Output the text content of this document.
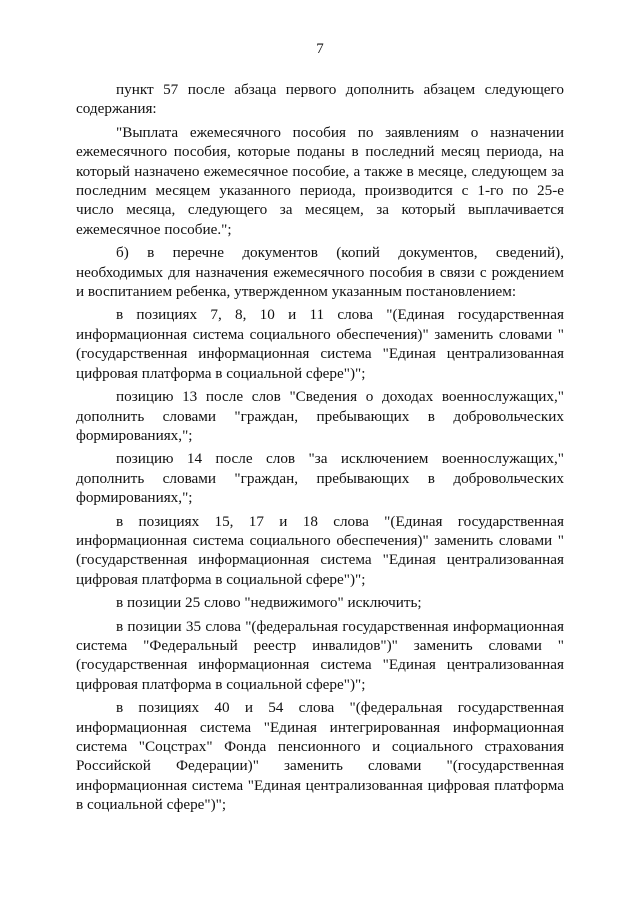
7

пункт 57 после абзаца первого дополнить абзацем следующего содержания:

"Выплата ежемесячного пособия по заявлениям о назначении ежемесячного пособия, которые поданы в последний месяц периода, на который назначено ежемесячное пособие, а также в месяце, следующем за последним месяцем указанного периода, производится с 1-го по 25-е число месяца, следующего за месяцем, за который выплачивается ежемесячное пособие.";

б) в перечне документов (копий документов, сведений), необходимых для назначения ежемесячного пособия в связи с рождением и воспитанием ребенка, утвержденном указанным постановлением:

в позициях 7, 8, 10 и 11 слова "(Единая государственная информационная система социального обеспечения)" заменить словами "(государственная информационная система "Единая централизованная цифровая платформа в социальной сфере")";

позицию 13 после слов "Сведения о доходах военнослужащих," дополнить словами "граждан, пребывающих в добровольческих формированиях,";

позицию 14 после слов "за исключением военнослужащих," дополнить словами "граждан, пребывающих в добровольческих формированиях,";

в позициях 15, 17 и 18 слова "(Единая государственная информационная система социального обеспечения)" заменить словами "(государственная информационная система "Единая централизованная цифровая платформа в социальной сфере")";

в позиции 25 слово "недвижимого" исключить;

в позиции 35 слова "(федеральная государственная информационная система "Федеральный реестр инвалидов")" заменить словами "(государственная информационная система "Единая централизованная цифровая платформа в социальной сфере")";

в позициях 40 и 54 слова "(федеральная государственная информационная система "Единая интегрированная информационная система "Соцстрах" Фонда пенсионного и социального страхования Российской Федерации)" заменить словами "(государственная информационная система "Единая централизованная цифровая платформа в социальной сфере")";
